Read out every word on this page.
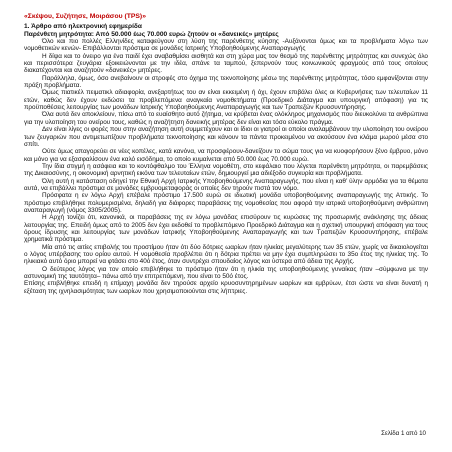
«Σκέψου, Συζήτησε, Μοιράσου (TPS)»
1. Άρθρο από ηλεκτρονική εφημερίδα
Παρένθετη μητρότητα: Από 50.000 έως 70.000 ευρώ ζητούν οι «δανεικές» μητέρες

Όλο και πιο πολλές Ελληνίδες καταφεύγουν στη λύση της παρένθετης κύησης -Αυξάνονται όμως και τα προβλήματα λόγω των νομοθετικών κενών- Επιβάλλονται πρόστιμα σε μονάδες Ιατρικής Υποβοηθούμενης Αναπαραγωγής

Η δίψα και το όνειρο για ένα παιδί έχει αναβαθμίσει αισθητά και στη χώρα μας τον θεσμό της παρένθετης μητρότητας και συνεχώς όλο και περισσότερα ζευγάρια εξοικειώνονται με την ιδέα, σπάνε τα ταμπού, ξεπερνούν τους κοινωνικούς φραγμούς από τους οποίους διακατέχονται και αναζητούν «δανεικές» μητέρες.

Παράλληλα, όμως, όσο ανεβαίνουν οι στροφές στο όχημα της τεκνοποίησης μέσω της παρένθετης μητρότητας, τόσο εμφανίζονται στην πράξη προβλήματα.

Όμως πιατικέλ πειματικλ αδιαφορία, ανεξαρτήτως του αν είναι εκκειμένη ή όχι, έχουν επιβάλει όλες οι Κυβερνήσεις των τελευταίων 11 ετών, καθώς δεν έχουν εκδώσει τα προβλεπόμενα αναγκαία νομοθετήματα (Προεδρικό Διάταγμα και υπουργική απόφαση) για τις προϋποθέσεις λειτουργίας των μονάδων Ιατρικής Υποβοηθούμενης Αναπαραγωγής και των Τραπεζών Κρυοσυντήρησης.

Όλα αυτά δεν αποκλείουν, πίσω από το ευαίσθητο αυτό ζήτημα, να κρύβεται ένας ολόκληρος μηχανισμός που διευκολύνει τα ανθρώπινα για την υλοποίηση του ονείρου τους, καθώς η αναζήτηση δανεικής μητέρας δεν είναι και τόσο εύκολο πράγμα.

Δεν είναι λίγες οι φορές που στην αναζήτηση αυτή συμμετέχουν και οι ίδιοι οι γιατροί οι οποίοι αναλαμβάνουν την υλοποίηση του ονείρου των ζευγαριών που αντιμετωπίζουν προβλήματα τεκνοποίησης και κάνουν τα πάντα προκειμένου να ακούσουν ένα κλάμα μωρού μέσα στο σπίτι.

Ούτε όμως απαγορεύει σε νέες κοπέλες, κατά κανόνα, να προσφέρουν-δανείζουν το σώμα τους για να κυοφορήσουν ξένο έμβρυο, μόνο και μόνο για να εξασφαλίσουν ένα καλό εισόδημα, το οποίο κυμαίνεται από 50.000 έως 70.000 ευρώ.

Την ίδια στιγμή η ασάφεια και το κοντόφθαλμο του Έλληνα νομοθέτη, στο κεφάλαιο που λέγεται παρένθετη μητρότητα, οι παρεμβάσεις της Δικαιοσύνης, η οικονομική αρνητική εικόνα των τελευταίων ετών, δημιουργεί μια αδιέξοδο συγκυρία και προβλήματα.

Όλη αυτή η κατάσταση οδηγεί την Εθνική Αρχή Ιατρικής Υποβοηθούμενης Αναπαραγωγής, που είναι η καθ’ ύλην αρμόδια για τα θέματα αυτά, να επιβάλλει πρόστιμα σε μονάδες εμβρυομεταφοράς οι οποίες δεν τηρούν πιστά τον νόμο.

Πρόσφατα η εν λόγω Αρχή επέβαλε πρόστιμο 17.500 ευρώ σε ιδιωτική μονάδα υποβοηθούμενης αναπαραγωγής της Αττικής. Το πρόστιμο επιβλήθηκε πολυμερισμένα, δηλαδή για διάφορες παραβάσεις της νομοθεσίας που αφορά την ιατρικά υποβοηθούμενη ανθρώπινη αναπαραγωγή (νόμος 3305/2005).

Η Αρχή τονίζει ότι, κανονικά, οι παραβάσεις της εν λόγω μονάδας επισύρουν τις κυρώσεις της προσωρινής ανάκλησης της άδειας λειτουργίας της. Επειδή όμως από το 2005 δεν έχει εκδοθεί το προβλεπόμενο Προεδρικό Διάταγμα και η σχετική υπουργική απόφαση για τους όρους ίδρυσης και λειτουργίας των μονάδων Ιατρικής Υποβοηθούμενης Αναπαραγωγής και των Τραπεζών Κρυοσυντήρησης, επέβαλε χρηματικά πρόστιμα.

Μία από τις αιτίες επιβολής του προστίμου ήταν ότι δύο δότριες ωαρίων ήταν ηλικίας μεγαλύτερης των 35 ετών, χωρίς να δικαιολογείται ο λόγος υπέρβασης του ορίου αυτού. Η νομοθεσία προβλέπει ότι η δότρια πρέπει να μην έχει συμπληρώσει το 35ο έτος της ηλικίας της. Το ηλικιακό αυτό όριο μπορεί να φτάσει στο 40ό έτος, όταν συντρέχει σπουδαίος λόγος και ύστερα από άδεια της Αρχής.

Ο δεύτερος λόγος για τον οποίο επιβλήθηκε το πρόστιμο ήταν ότι η ηλικία της υποβοηθούμενης γυναίκας ήταν –σύμφωνα με την αστυνομική της ταυτότητα– πάνω από την επιτρεπόμενη, που είναι το 50ό έτος.

Επίσης επιβλήθηκε επειδή η επίμαχη μονάδα δεν τηρούσε αρχείο κρυοσυντηρημένων ωαρίων και εμβρύων, έτσι ώστε να είναι δυνατή η εξέταση της ιχνηλασιμότητας των ωαρίων που χρησιμοποιούνται στις λήπτριες.

Σελίδα 1 από 10
